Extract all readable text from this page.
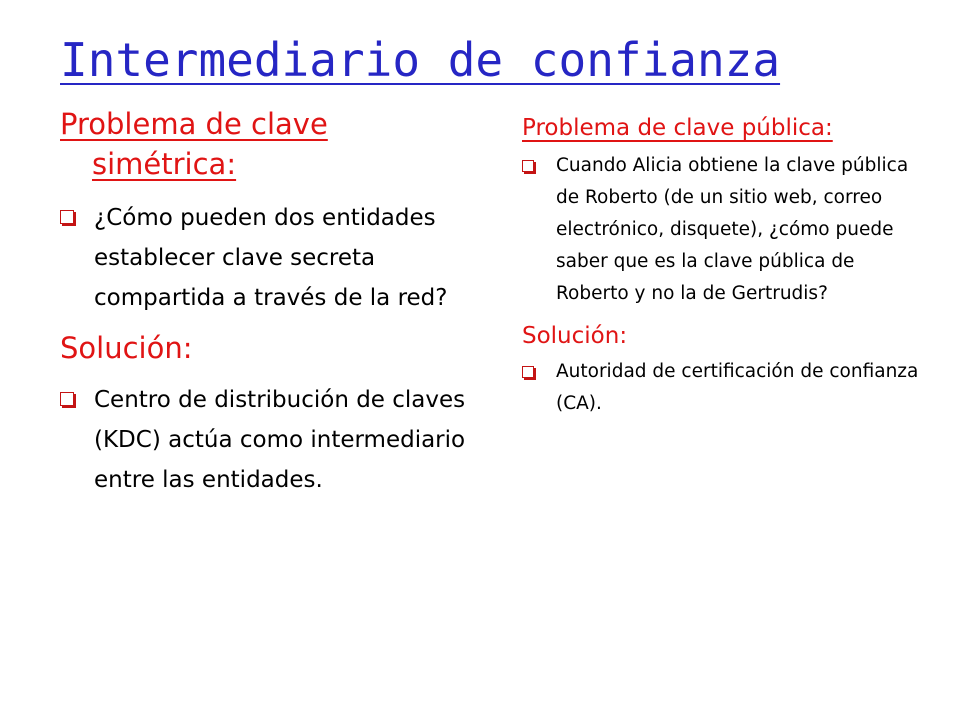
Intermediario de confianza
Problema de clave
simétrica:
¿Cómo pueden dos entidades establecer clave secreta compartida a través de la red?
Solución:
Centro de distribución de claves (KDC) actúa como intermediario entre las entidades.
Problema de clave pública:
Cuando Alicia obtiene la clave pública de Roberto (de un sitio web, correo electrónico, disquete), ¿cómo puede saber que es la clave pública de Roberto y no la de Gertrudis?
Solución:
Autoridad de certificación de confianza (CA).
